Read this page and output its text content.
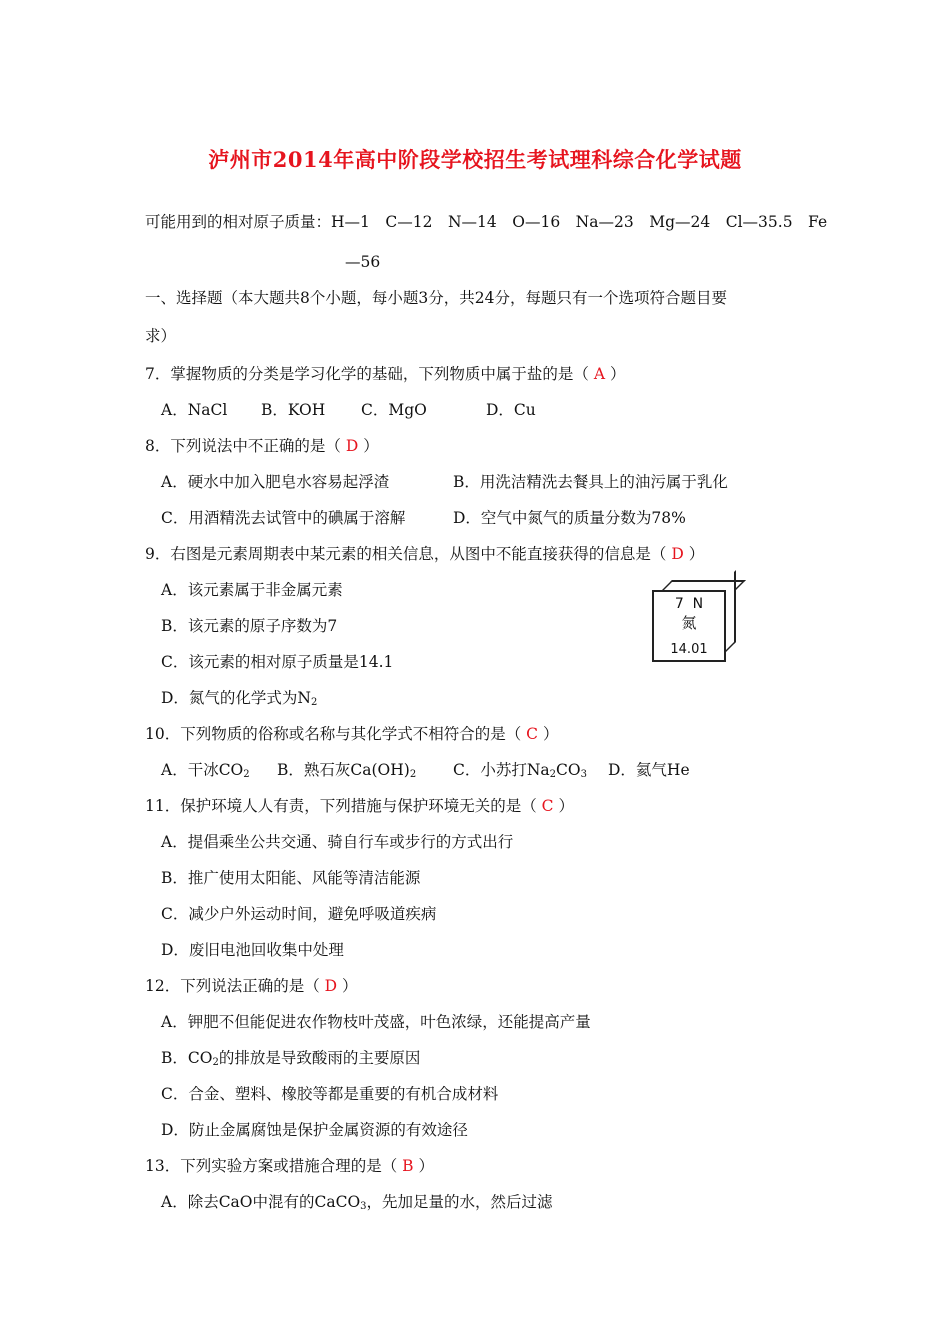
泸州市2014年高中阶段学校招生考试理科综合化学试题
可能用到的相对原子质量：H—1　C—12　N—14　O—16　Na—23　Mg—24　Cl—35.5　Fe
—56
一、选择题（本大题共8个小题，每小题3分，共24分，每题只有一个选项符合题目要
求）
7．掌握物质的分类是学习化学的基础，下列物质中属于盐的是（ A ）
A．NaCl B．KOH C．MgO	D．Cu
8．下列说法中不正确的是（ D ）
A．硬水中加入肥皂水容易起浮渣	B．用洗洁精洗去餐具上的油污属于乳化
C．用酒精洗去试管中的碘属于溶解	D．空气中氮气的质量分数为78%
9．右图是元素周期表中某元素的相关信息，从图中不能直接获得的信息是（ D ）
A．该元素属于非金属元素
B．该元素的原子序数为7
C．该元素的相对原子质量是14.1
D．氮气的化学式为$N_2$
7 N
氮
14.01
10．下列物质的俗称或名称与其化学式不相符合的是（ C ）
A．干冰$CO_2$ B．熟石灰$Ca(OH)_2$ C．小苏打$Na_2CO_3$ D．氦气He
11．保护环境人人有责，下列措施与保护环境无关的是（ C ）
A．提倡乘坐公共交通、骑自行车或步行的方式出行
B．推广使用太阳能、风能等清洁能源
C．减少户外运动时间，避免呼吸道疾病
D．废旧电池回收集中处理
12．下列说法正确的是（ D ）
A．钾肥不但能促进农作物枝叶茂盛，叶色浓绿，还能提高产量
B．$CO_2$的排放是导致酸雨的主要原因
C．合金、塑料、橡胶等都是重要的有机合成材料
D．防止金属腐蚀是保护金属资源的有效途径
13．下列实验方案或措施合理的是（ B ）
A．除去CaO中混有的CaCO$_3$，先加足量的水，然后过滤
